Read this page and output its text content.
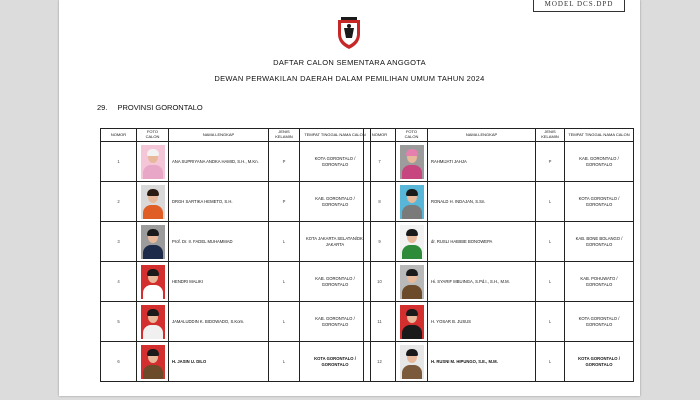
MODEL DCS.DPD
DAFTAR CALON SEMENTARA ANGGOTA
DEWAN PERWAKILAN DAERAH DALAM PEMILIHAN UMUM TAHUN 2024
29. PROVINSI GORONTALO
NOMOR	FOTO CALON	NAMA LENGKAP	JENIS KELAMIN	TEMPAT TINGGAL NAMA CALON
1		ANA SUPRIYANA ANDKA HAMID, S.H., M.Kn.	P	KOTA GORONTALO / GORONTALO
2		DRGH SARTIKA HEMETO, S.H.	P	KAB. GORONTALO / GORONTALO
3		Prof. Dr. Ir. FADEL MUHAMMAD	L	KOTA JAKARTA SELATAN/DKI JAKARTA
4		HENDRI MALIKI	L	KAB. GORONTALO / GORONTALO
5		JAMALUDDIN K. BIDOWADO, S.Kom.	L	KAB. GORONTALO / GORONTALO
6		H. JASIN U. DILO	L	KOTA GORONTALO / GORONTALO
NOMOR	FOTO CALON	NAMA LENGKAP	JENIS KELAMIN	TEMPAT TINGGAL NAMA CALON
7		RAHMIJATI JAHJA	P	KAB. GORONTALO / GORONTALO
8		RONALD H. INDAJAN, S.Sn.	L	KOTA GORONTALO / GORONTALO
9		dr. RUSLI HABIBIE BONOWEPA	L	KAB. BONE BOLANGO / GORONTALO
10		Hi. SYARIF MBUINGA, S.Pd.I., S.H., M.M.	L	KAB. POHUWATO / GORONTALO
11		H. YOSAR B. JUSUS	L	KOTA GORONTALO / GORONTALO
12		H. RUSNI M. HIPUNGO, S.E., M.M.	L	KOTA GORONTALO / GORONTALO
